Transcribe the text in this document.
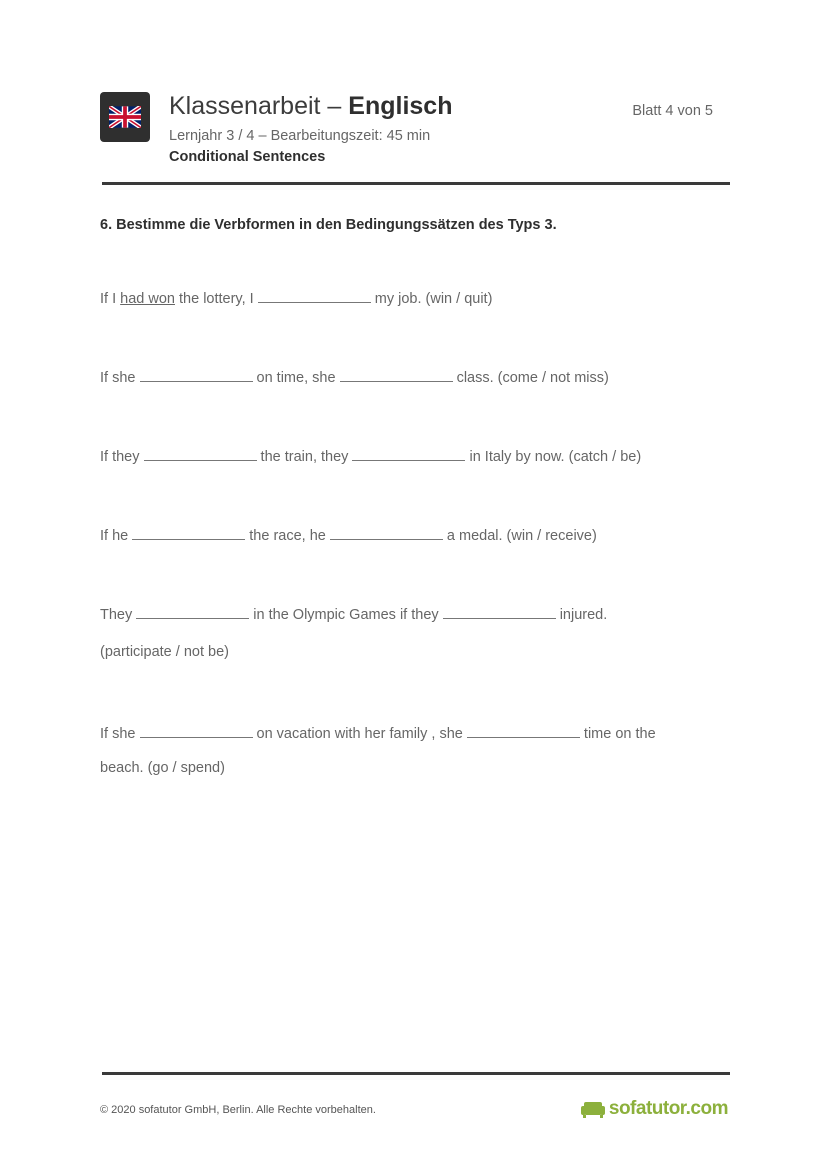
Klassenarbeit – Englisch
Lernjahr 3 / 4 – Bearbeitungszeit: 45 min
Conditional Sentences
Blatt 4 von 5
6. Bestimme die Verbformen in den Bedingungssätzen des Typs 3.
If I had won the lottery, I	my job. (win / quit)
If she	on time, she	class. (come / not miss)
If they	the train, they	in Italy by now. (catch / be)
If he	the race, he	a medal. (win / receive)
They	in the Olympic Games if they	injured.
(participate / not be)
If she	on vacation with her family , she	time on the
beach. (go / spend)
© 2020 sofatutor GmbH, Berlin. Alle Rechte vorbehalten.	sofatutor.com
